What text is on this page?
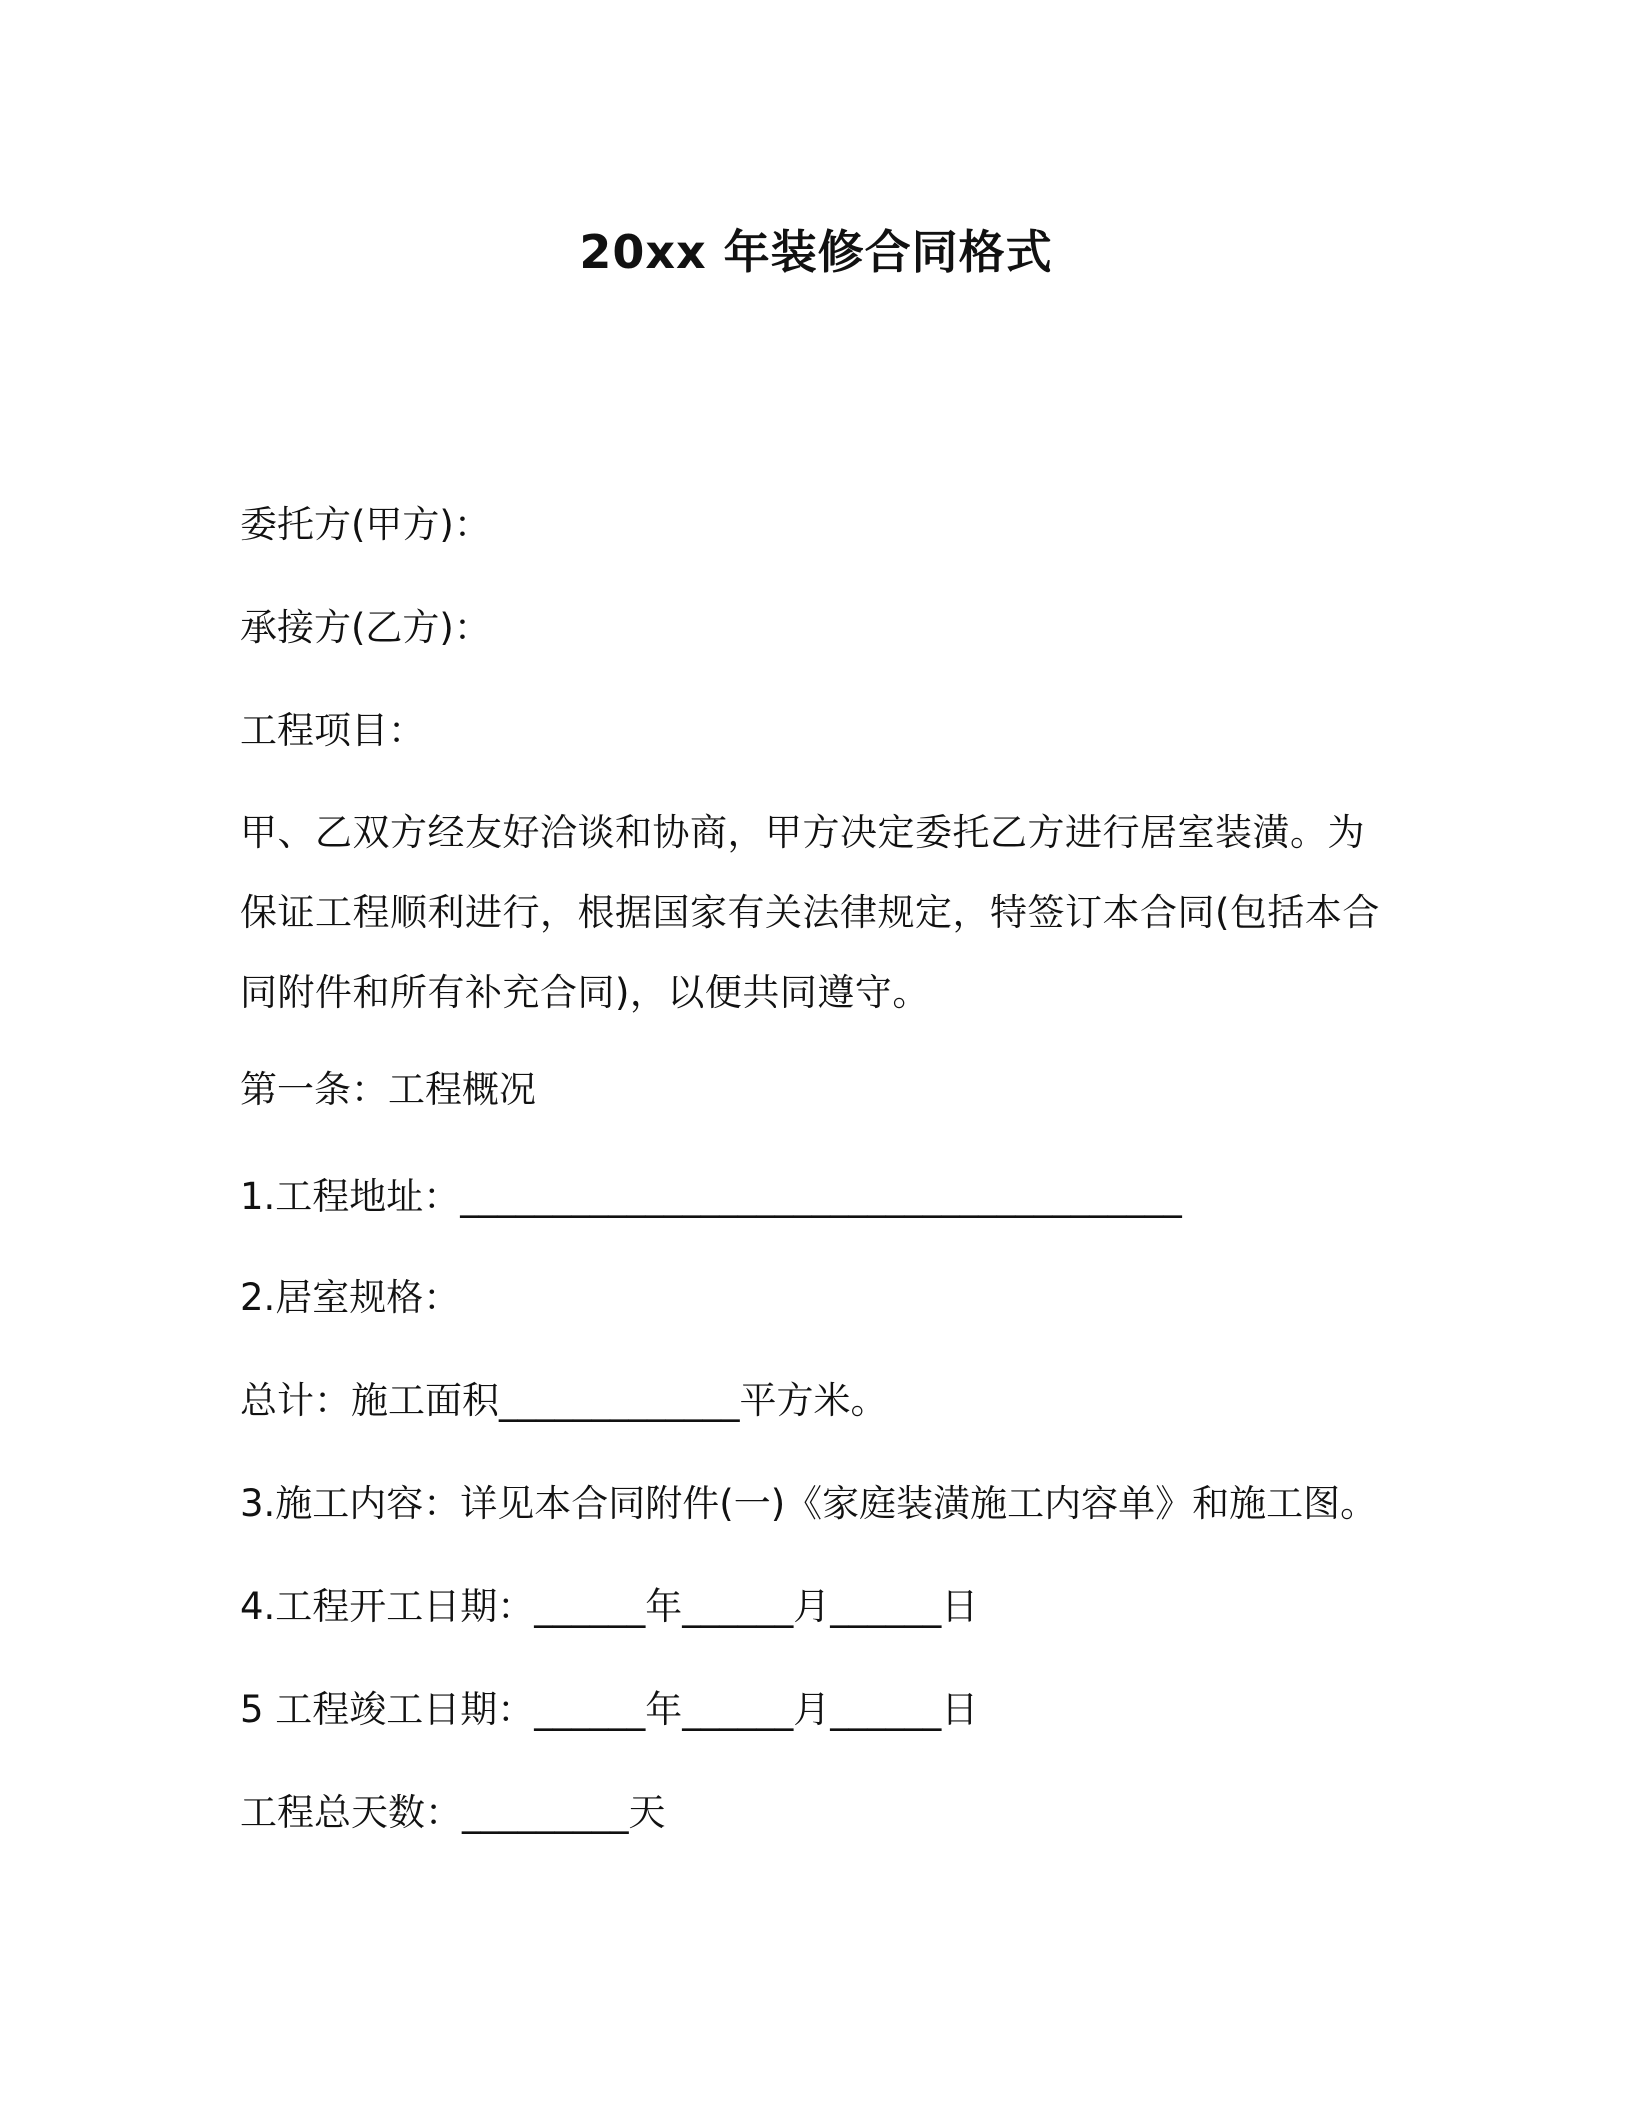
20xx 年装修合同格式
委托方(甲方)：
承接方(乙方)：
工程项目：
甲、乙双方经友好洽谈和协商，甲方决定委托乙方进行居室装潢。为
保证工程顺利进行，根据国家有关法律规定，特签订本合同(包括本合
同附件和所有补充合同)，以便共同遵守。
第一条：工程概况
1.工程地址：_______________________________________
2.居室规格：
总计：施工面积_____________平方米。
3.施工内容：详见本合同附件(一)《家庭装潢施工内容单》和施工图。
4.工程开工日期：______年______月______日
5 工程竣工日期：______年______月______日
工程总天数：_________天
